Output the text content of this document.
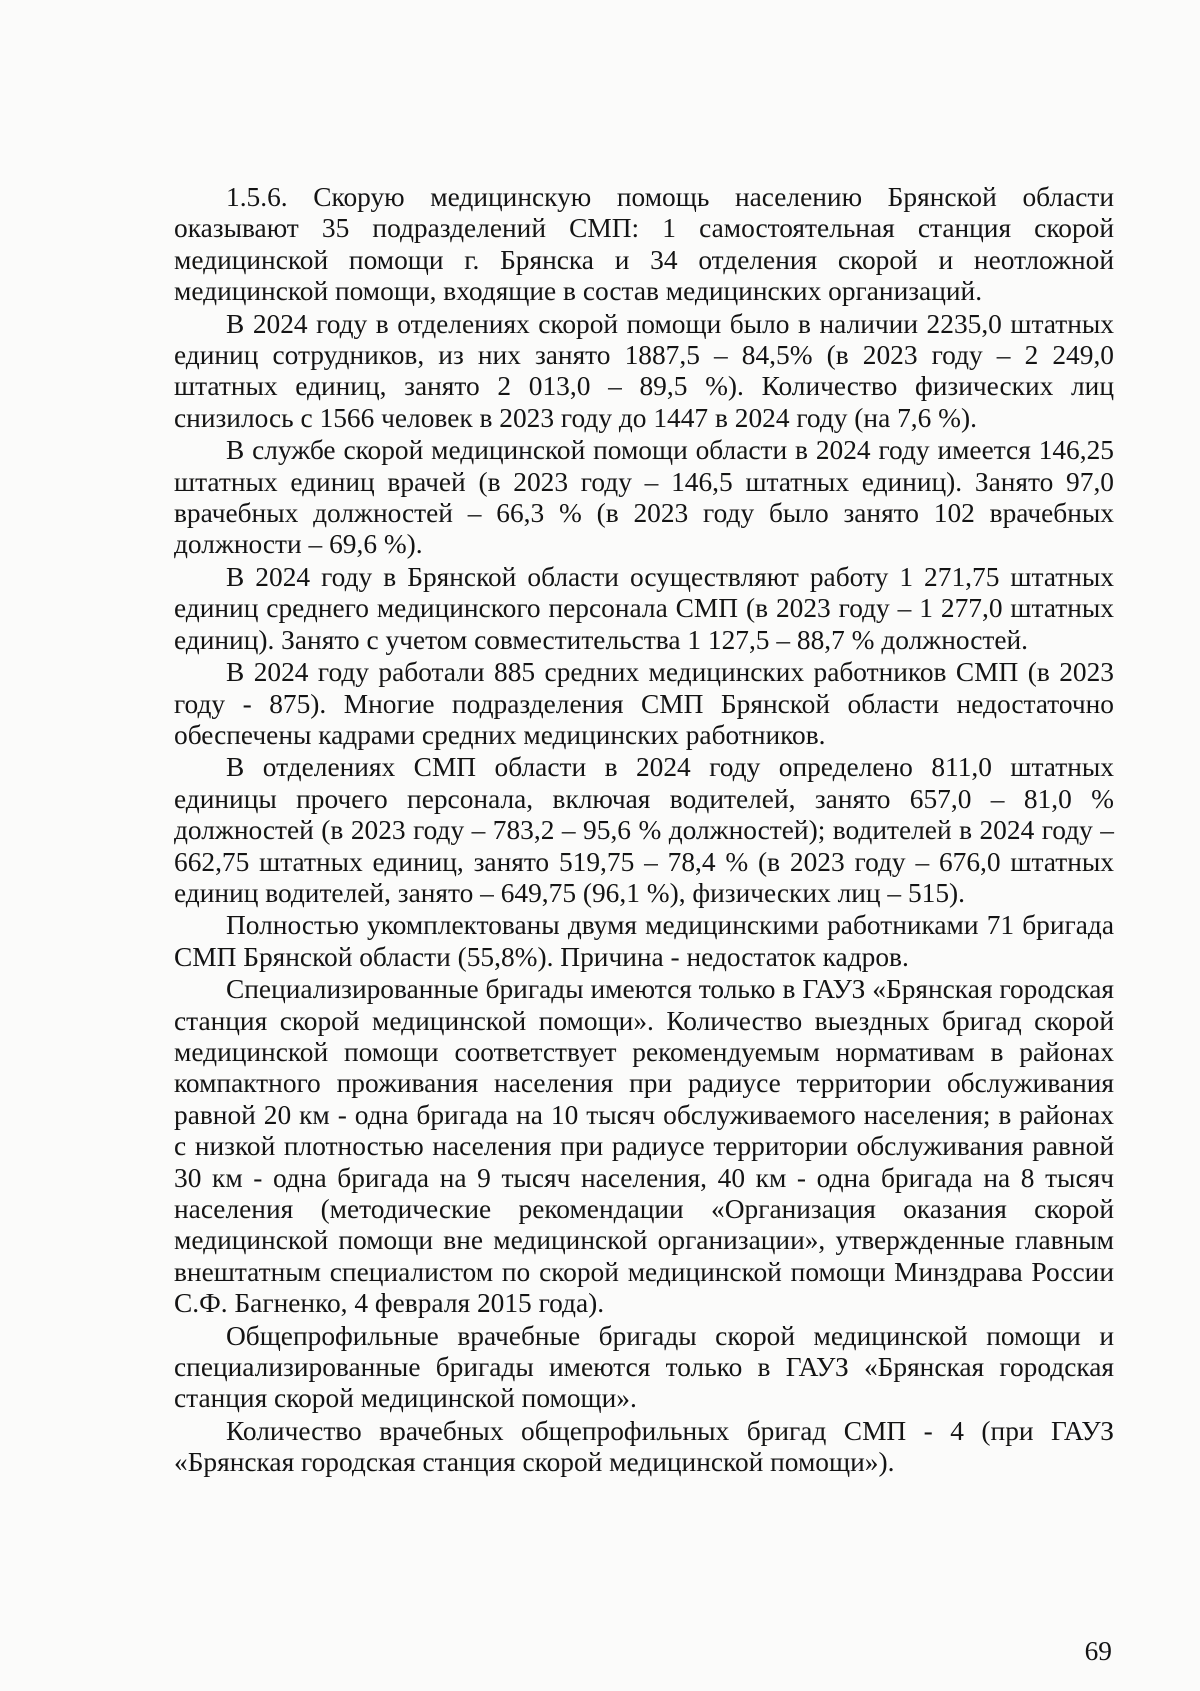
1.5.6. Скорую медицинскую помощь населению Брянской области оказывают 35 подразделений СМП: 1 самостоятельная станция скорой медицинской помощи г. Брянска и 34 отделения скорой и неотложной медицинской помощи, входящие в состав медицинских организаций.

В 2024 году в отделениях скорой помощи было в наличии 2235,0 штатных единиц сотрудников, из них занято 1887,5 – 84,5% (в 2023 году – 2 249,0 штатных единиц, занято 2 013,0 – 89,5 %). Количество физических лиц снизилось с 1566 человек в 2023 году до 1447 в 2024 году (на 7,6 %).

В службе скорой медицинской помощи области в 2024 году имеется 146,25 штатных единиц врачей (в 2023 году – 146,5 штатных единиц). Занято 97,0 врачебных должностей – 66,3 % (в 2023 году было занято 102 врачебных должности – 69,6 %).

В 2024 году в Брянской области осуществляют работу 1 271,75 штатных единиц среднего медицинского персонала СМП (в 2023 году – 1 277,0 штатных единиц). Занято с учетом совместительства 1 127,5 – 88,7 % должностей.

В 2024 году работали 885 средних медицинских работников СМП (в 2023 году - 875). Многие подразделения СМП Брянской области недостаточно обеспечены кадрами средних медицинских работников.

В отделениях СМП области в 2024 году определено 811,0 штатных единицы прочего персонала, включая водителей, занято 657,0 – 81,0 % должностей (в 2023 году – 783,2 – 95,6 % должностей); водителей в 2024 году – 662,75 штатных единиц, занято 519,75 – 78,4 % (в 2023 году – 676,0 штатных единиц водителей, занято – 649,75 (96,1 %), физических лиц – 515).

Полностью укомплектованы двумя медицинскими работниками 71 бригада СМП Брянской области (55,8%). Причина - недостаток кадров.

Специализированные бригады имеются только в ГАУЗ «Брянская городская станция скорой медицинской помощи». Количество выездных бригад скорой медицинской помощи соответствует рекомендуемым нормативам в районах компактного проживания населения при радиусе территории обслуживания равной 20 км - одна бригада на 10 тысяч обслуживаемого населения; в районах с низкой плотностью населения при радиусе территории обслуживания равной 30 км - одна бригада на 9 тысяч населения, 40 км - одна бригада на 8 тысяч населения (методические рекомендации «Организация оказания скорой медицинской помощи вне медицинской организации», утвержденные главным внештатным специалистом по скорой медицинской помощи Минздрава России С.Ф. Багненко, 4 февраля 2015 года).

Общепрофильные врачебные бригады скорой медицинской помощи и специализированные бригады имеются только в ГАУЗ «Брянская городская станция скорой медицинской помощи».

Количество врачебных общепрофильных бригад СМП - 4 (при ГАУЗ «Брянская городская станция скорой медицинской помощи»).

69
